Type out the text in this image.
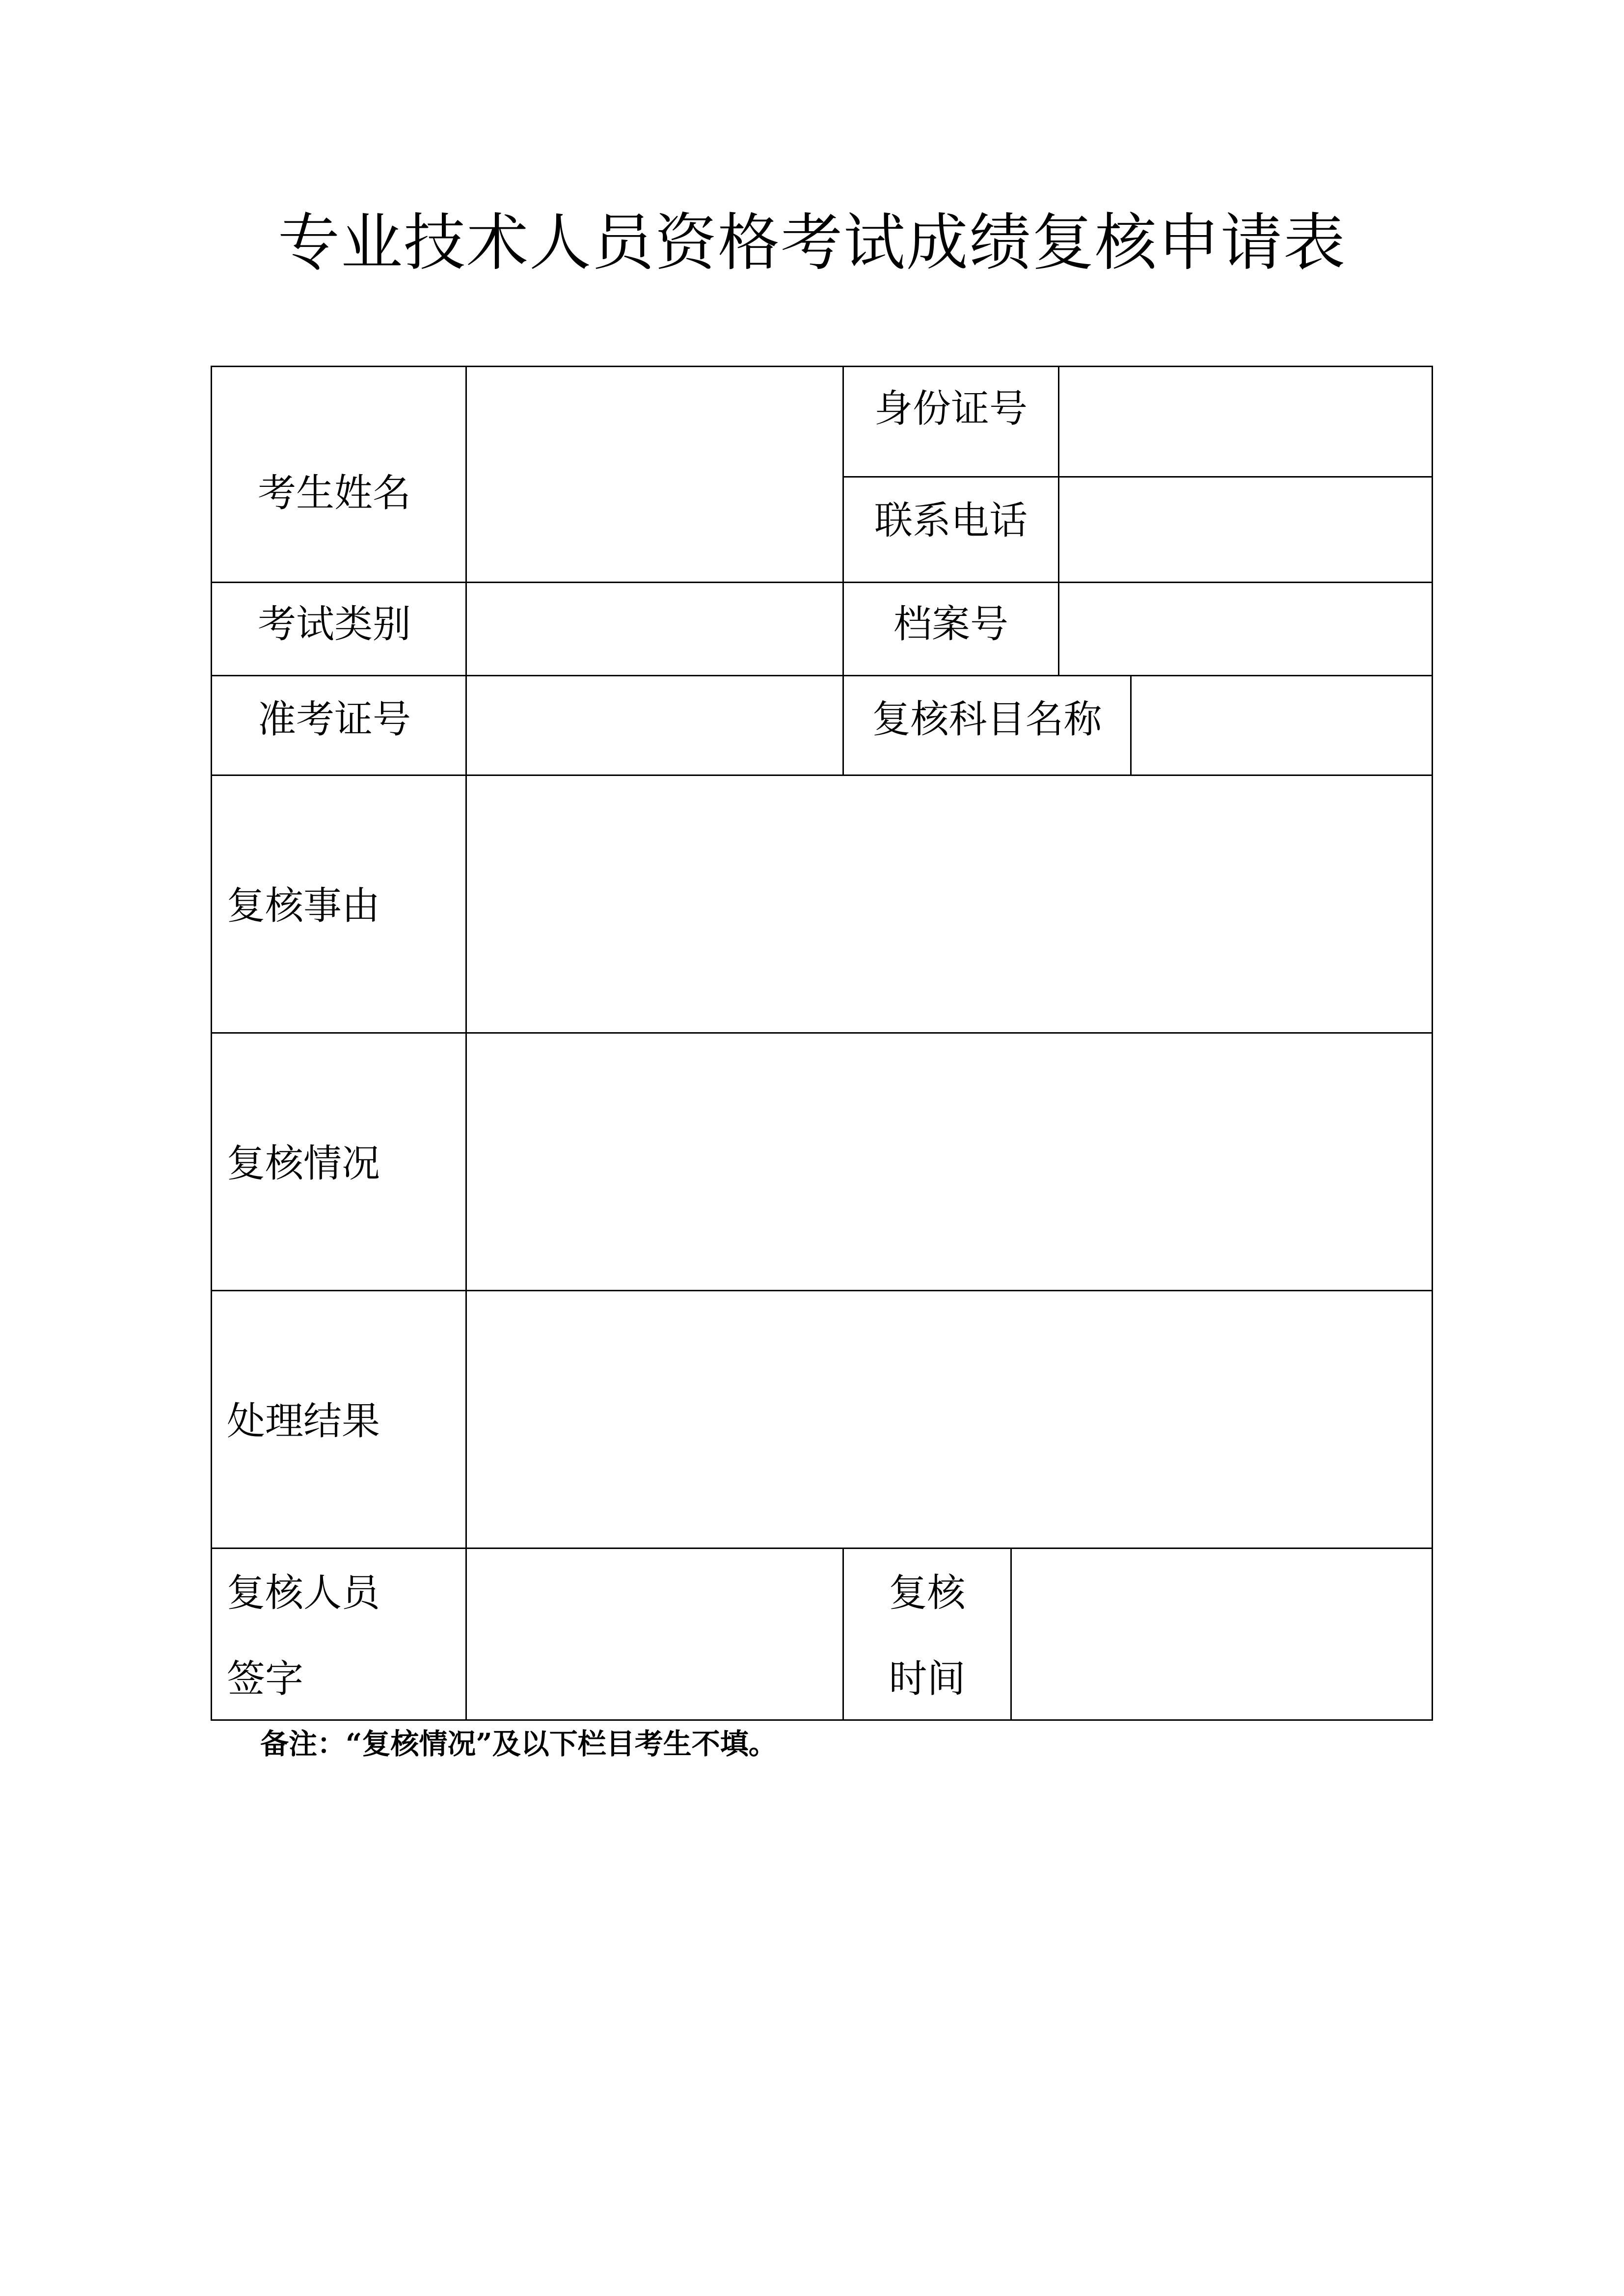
专业技术人员资格考试成绩复核申请表
考生姓名
身份证号
联系电话
考试类别	档案号
准考证号	复核科目名称
复核事由
复核情况
处理结果
复核人员
签字
复核
时间
备注：“复核情况”及以下栏目考生不填。
